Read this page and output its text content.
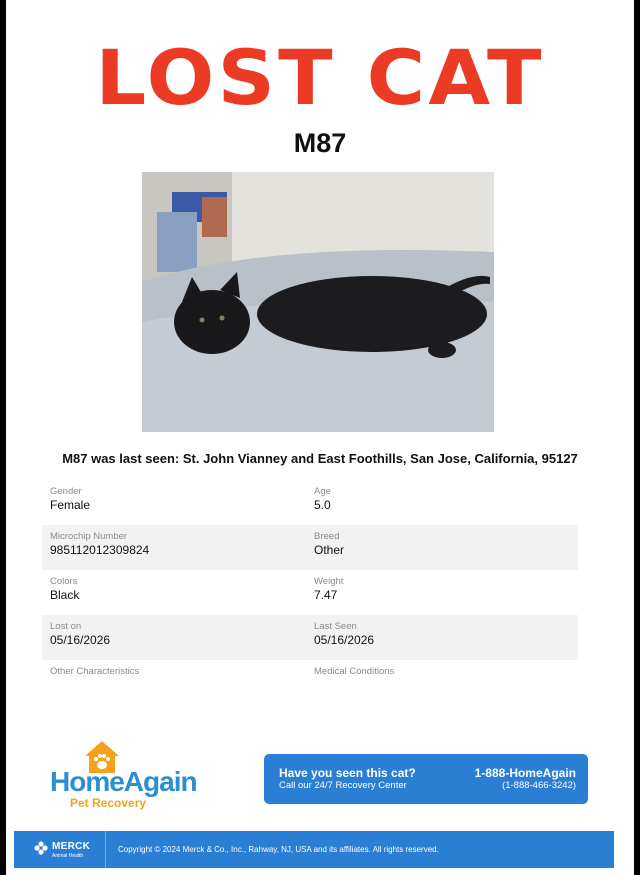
LOST CAT
M87
M87 was last seen: St. John Vianney and East Foothills, San Jose, California, 95127
Gender
Female
Age
5.0
Microchip Number
985112012309824
Breed
Other
Colors
Black
Weight
7.47
Lost on
05/16/2026
Last Seen
05/16/2026
Other Characteristics	Medical Conditions
HomeAgain
Pet Recovery
Have you seen this cat?
Call our 24/7 Recovery Center
1-888-HomeAgain
(1-888-466-3242)
MERCK
Animal Health
Copyright © 2024 Merck & Co., Inc., Rahway, NJ, USA and its affiliates. All rights reserved.
